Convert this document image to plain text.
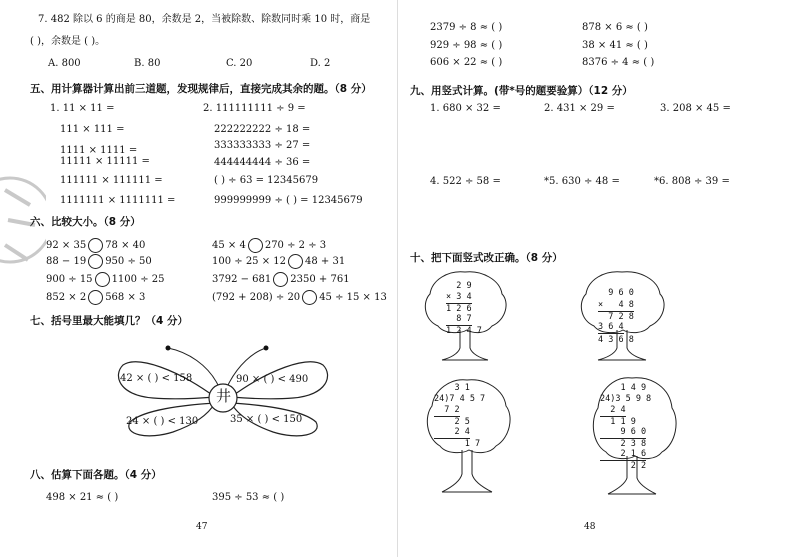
7. 482 除以 6 的商是 80，余数是 2，当被除数、除数同时乘 10 时，商是
( )，余数是 ( )。
A. 800	B. 80	C. 20	D. 2
五、用计算器计算出前三道题，发现规律后，直接完成其余的题。（8 分）
1. 11 × 11 =
111 × 111 =
1111 × 1111 =
11111 × 11111 =
111111 × 111111 =
1111111 × 1111111 =
2. 111111111 ÷ 9 =
222222222 ÷ 18 =
333333333 ÷ 27 =
444444444 ÷ 36 =
( ) ÷ 63 = 12345679
999999999 ÷ ( ) = 12345679
六、比较大小。（8 分）
92 × 35 78 × 40	45 × 4 270 ÷ 2 ÷ 3
88 − 19 950 ÷ 50	100 ÷ 25 × 12 48 + 31
900 ÷ 15 1100 ÷ 25	3792 − 681 2350 + 761
852 × 2 568 × 3	(792 + 208) ÷ 20 45 ÷ 15 × 13
七、括号里最大能填几？（4 分）
井
42 × ( ) < 158	90 × ( ) < 490
24 × ( ) < 130	35 × ( ) < 150
八、估算下面各题。（4 分）
498 × 21 ≈ ( )	395 ÷ 53 ≈ ( )
47
2379 ÷ 8 ≈ ( )	878 × 6 ≈ ( )
929 ÷ 98 ≈ ( )	38 × 41 ≈ ( )
606 × 22 ≈ ( )	8376 ÷ 4 ≈ ( )
九、用竖式计算。(带*号的题要验算）（12 分）
1. 680 × 32 =	2. 431 × 29 =	3. 208 × 45 =
4. 522 ÷ 58 =	*5. 630 ÷ 48 =	*6. 808 ÷ 39 =
十、把下面竖式改正确。（8 分）
2 9
× 3 4
1 2 6
8 7
1 2 4 7
9 6 0
×   4 8
7 2 8
3 6 4
4 3 6 8
3 1
24)7 4 5 7
7 2
2 5
2 4
1 7
1 4 9
24)3 5 9 8
2 4
1 1 9
9 6 0
2 3 8
2 1 6
2 2
48
